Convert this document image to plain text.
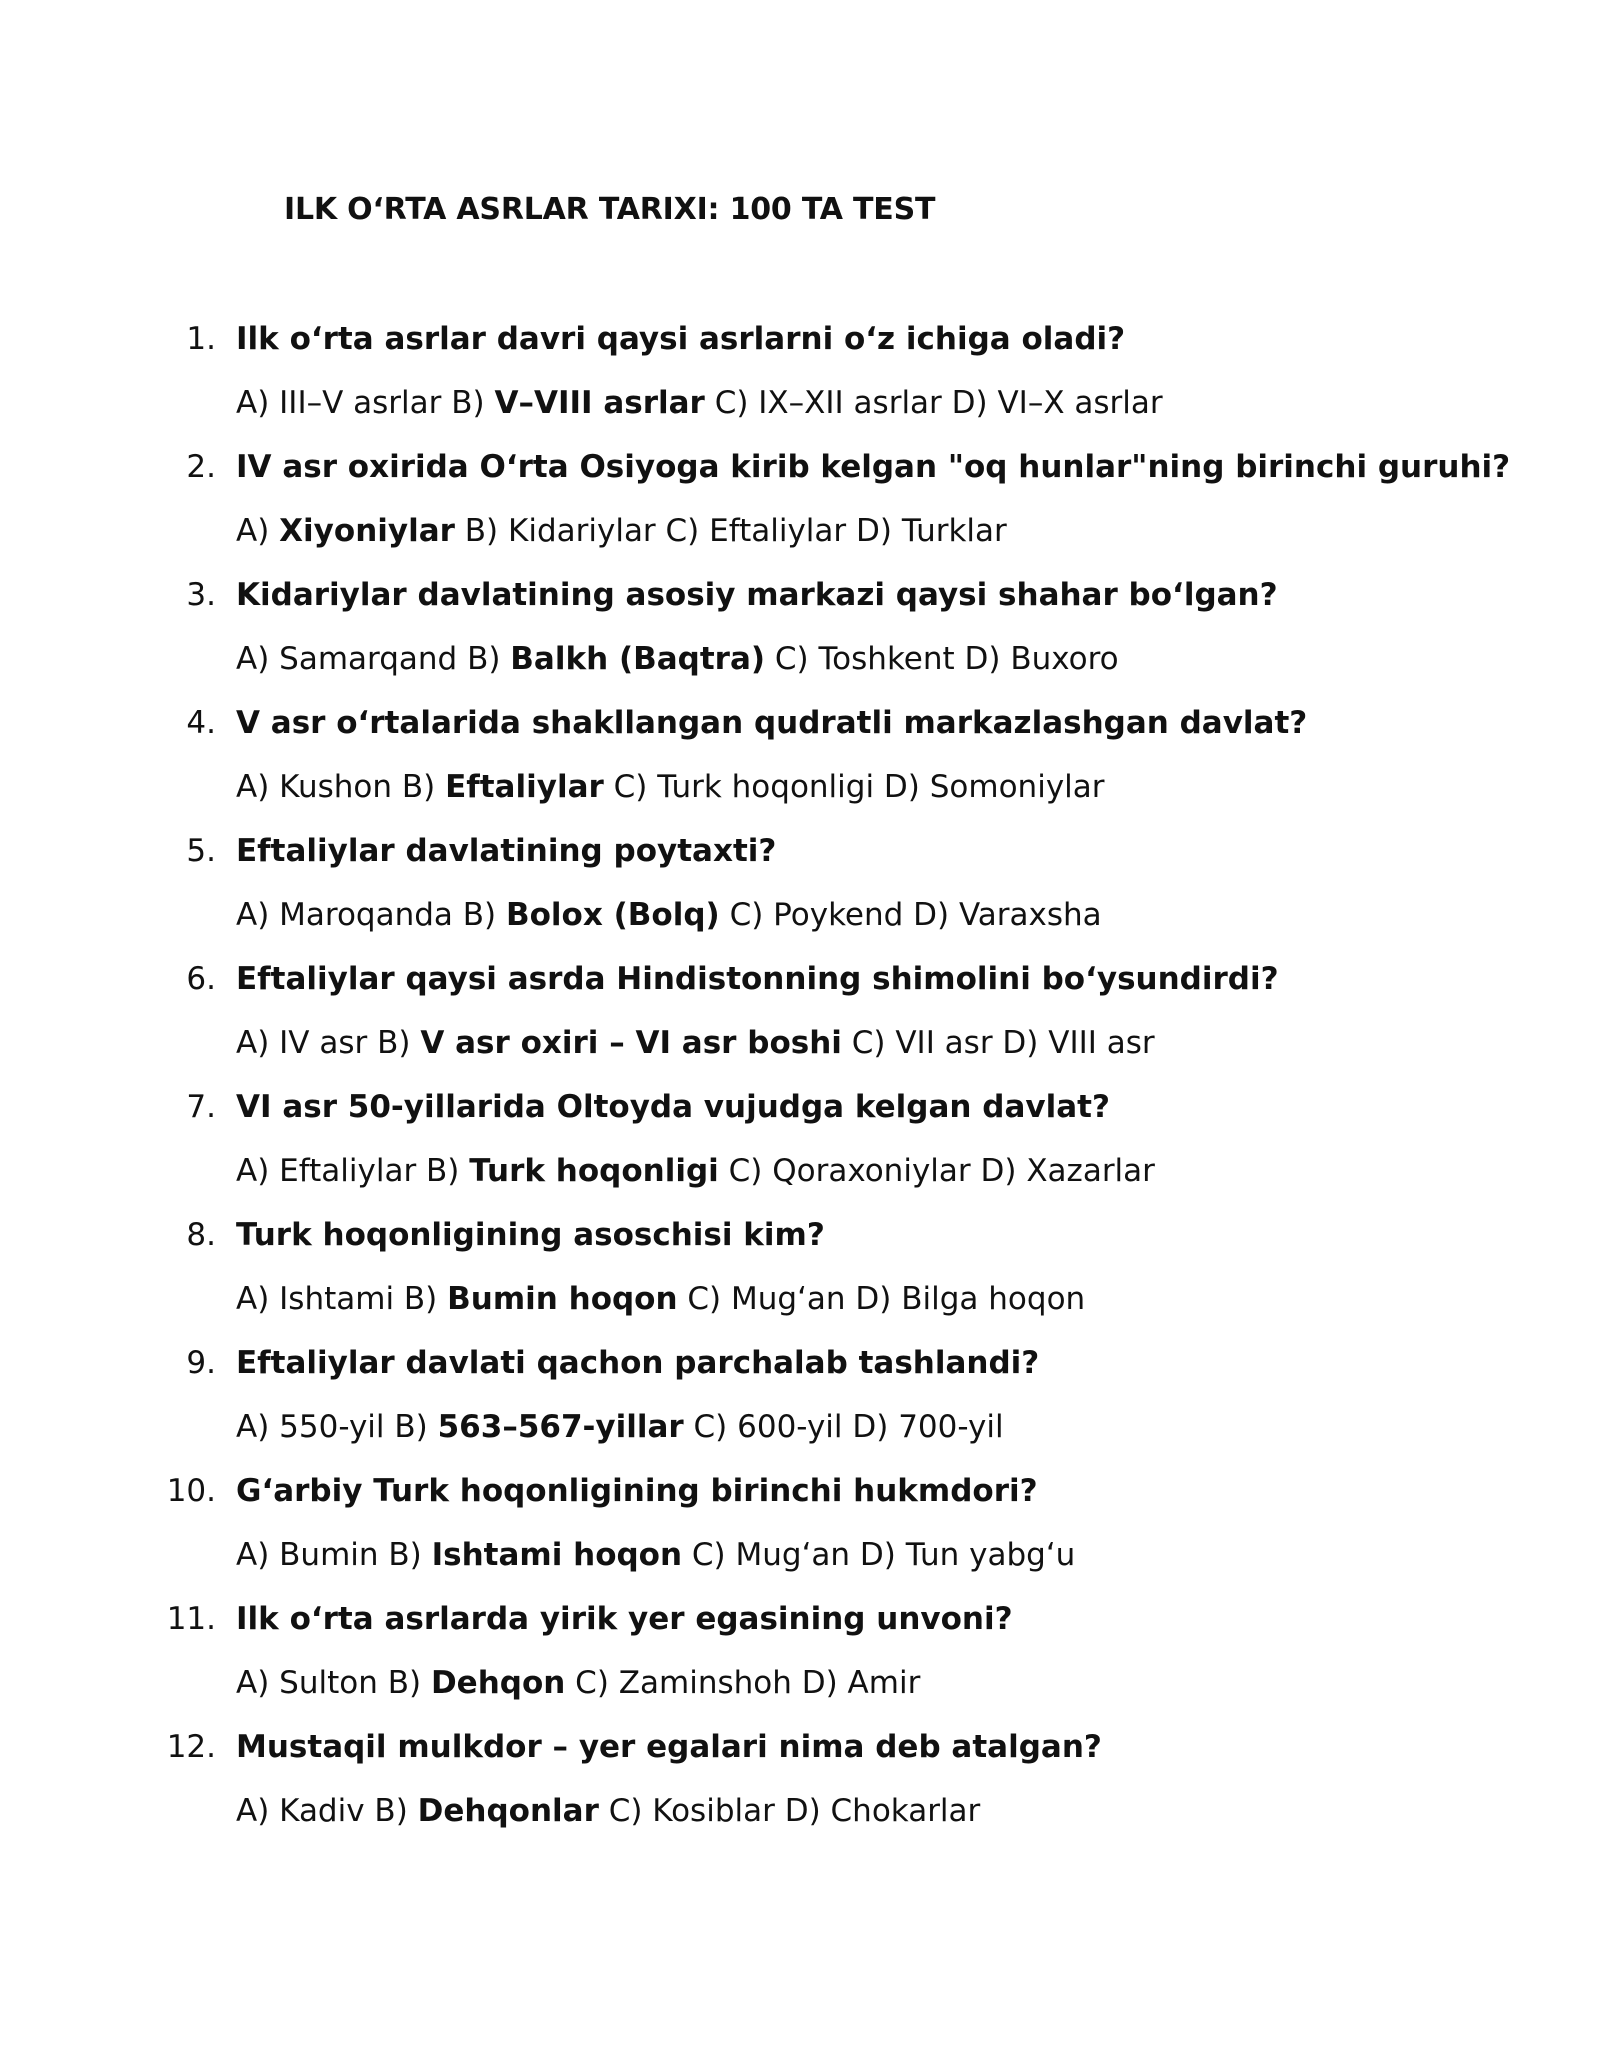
ILK O‘RTA ASRLAR TARIXI: 100 TA TEST
1. Ilk o‘rta asrlar davri qaysi asrlarni o‘z ichiga oladi?
A) III–V asrlar B) V–VIII asrlar C) IX–XII asrlar D) VI–X asrlar
2. IV asr oxirida O‘rta Osiyoga kirib kelgan "oq hunlar"ning birinchi guruhi?
A) Xiyoniylar B) Kidariylar C) Eftaliylar D) Turklar
3. Kidariylar davlatining asosiy markazi qaysi shahar bo‘lgan?
A) Samarqand B) Balkh (Baqtra) C) Toshkent D) Buxoro
4. V asr o‘rtalarida shakllangan qudratli markazlashgan davlat?
A) Kushon B) Eftaliylar C) Turk hoqonligi D) Somoniylar
5. Eftaliylar davlatining poytaxti?
A) Maroqanda B) Bolox (Bolq) C) Poykend D) Varaxsha
6. Eftaliylar qaysi asrda Hindistonning shimolini bo‘ysundirdi?
A) IV asr B) V asr oxiri – VI asr boshi C) VII asr D) VIII asr
7. VI asr 50-yillarida Oltoyda vujudga kelgan davlat?
A) Eftaliylar B) Turk hoqonligi C) Qoraxoniylar D) Xazarlar
8. Turk hoqonligining asoschisi kim?
A) Ishtami B) Bumin hoqon C) Mug‘an D) Bilga hoqon
9. Eftaliylar davlati qachon parchalab tashlandi?
A) 550-yil B) 563–567-yillar C) 600-yil D) 700-yil
10. G‘arbiy Turk hoqonligining birinchi hukmdori?
A) Bumin B) Ishtami hoqon C) Mug‘an D) Tun yabg‘u
11. Ilk o‘rta asrlarda yirik yer egasining unvoni?
A) Sulton B) Dehqon C) Zaminshoh D) Amir
12. Mustaqil mulkdor – yer egalari nima deb atalgan?
A) Kadiv B) Dehqonlar C) Kosiblar D) Chokarlar
